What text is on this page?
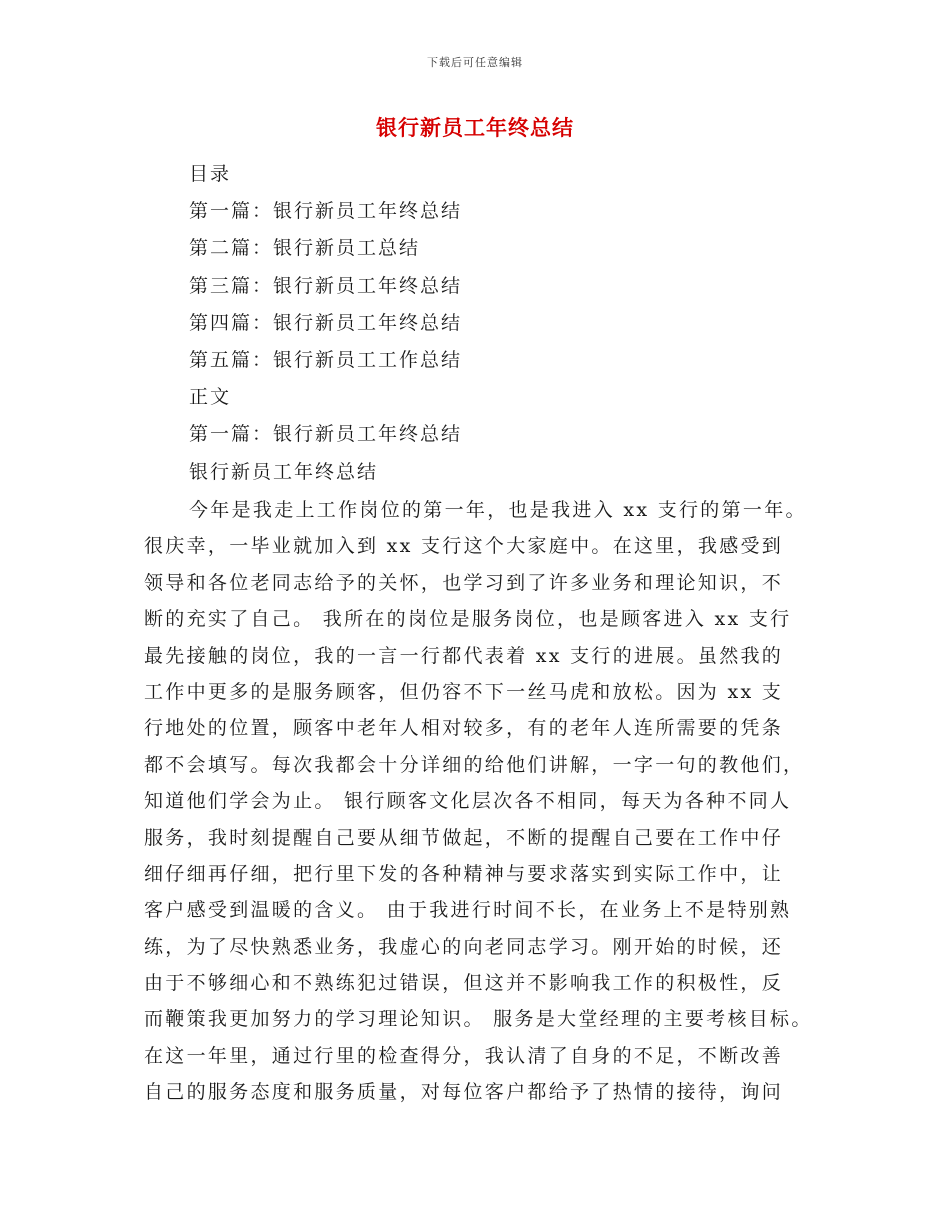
下载后可任意编辑
银行新员工年终总结
目录
第一篇：银行新员工年终总结
第二篇：银行新员工总结
第三篇：银行新员工年终总结
第四篇：银行新员工年终总结
第五篇：银行新员工工作总结
正文
第一篇：银行新员工年终总结
银行新员工年终总结
今年是我走上工作岗位的第一年，也是我进入 xx 支行的第一年。
很庆幸，一毕业就加入到 xx 支行这个大家庭中。在这里，我感受到
领导和各位老同志给予的关怀，也学习到了许多业务和理论知识，不
断的充实了自己。 我所在的岗位是服务岗位，也是顾客进入 xx 支行
最先接触的岗位，我的一言一行都代表着 xx 支行的进展。虽然我的
工作中更多的是服务顾客，但仍容不下一丝马虎和放松。因为 xx 支
行地处的位置，顾客中老年人相对较多，有的老年人连所需要的凭条
都不会填写。每次我都会十分详细的给他们讲解，一字一句的教他们，
知道他们学会为止。 银行顾客文化层次各不相同，每天为各种不同人
服务，我时刻提醒自己要从细节做起，不断的提醒自己要在工作中仔
细仔细再仔细，把行里下发的各种精神与要求落实到实际工作中，让
客户感受到温暖的含义。 由于我进行时间不长，在业务上不是特别熟
练，为了尽快熟悉业务，我虚心的向老同志学习。刚开始的时候，还
由于不够细心和不熟练犯过错误，但这并不影响我工作的积极性，反
而鞭策我更加努力的学习理论知识。 服务是大堂经理的主要考核目标。
在这一年里，通过行里的检查得分，我认清了自身的不足，不断改善
自己的服务态度和服务质量，对每位客户都给予了热情的接待，询问
